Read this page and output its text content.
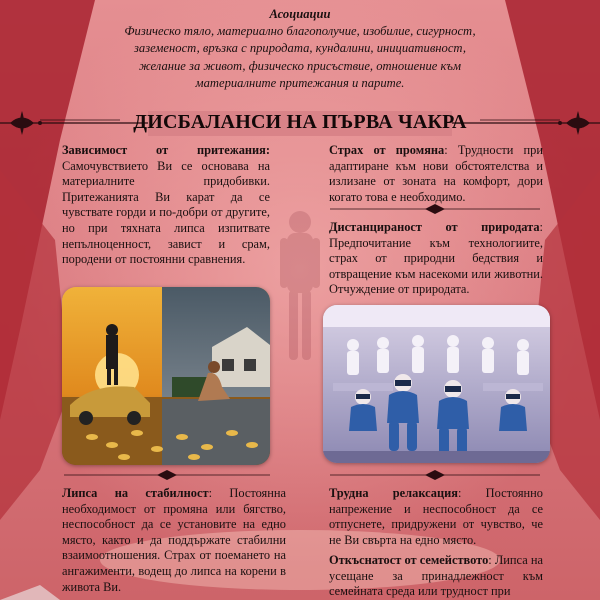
Асоциации
Физическо тяло, материално благополучие, изобилие, сигурност,
заземеност, връзка с природата, кундалини, инициативност,
желание за живот, физическо присъствие, отношение към
материалните притежания и парите.
ДИСБАЛАНСИ НА ПЪРВА ЧАКРА
Зависимост от притежания: Самочувствието Ви се основава на материалните придобивки. Притежанията Ви карат да се чувствате горди и по-добри от другите, но при тяхната липса изпитвате непълноценност, завист и срам, породени от постоянни сравнения.
Страх от промяна: Трудности при адаптиране към нови обстоятелства и излизане от зоната на комфорт, дори когато това е необходимо.
Дистанцираност от природата: Предпочитание към технологиите, страх от природни бедствия и отвращение към насекоми или животни. Отчуждение от природата.
Липса на стабилност: Постоянна необходимост от промяна или бягство, неспособност да се установите на едно място, както и да поддържате стабилни взаимоотношения. Страх от поемането на ангажименти, водещ до липса на корени в живота Ви.
Трудна релаксация: Постоянно напрежение и неспособност да се отпуснете, придружени от чувство, че не Ви свърта на едно място.
Откъснатост от семейството: Липса на усещане за принадлежност към семейната среда или трудност при
